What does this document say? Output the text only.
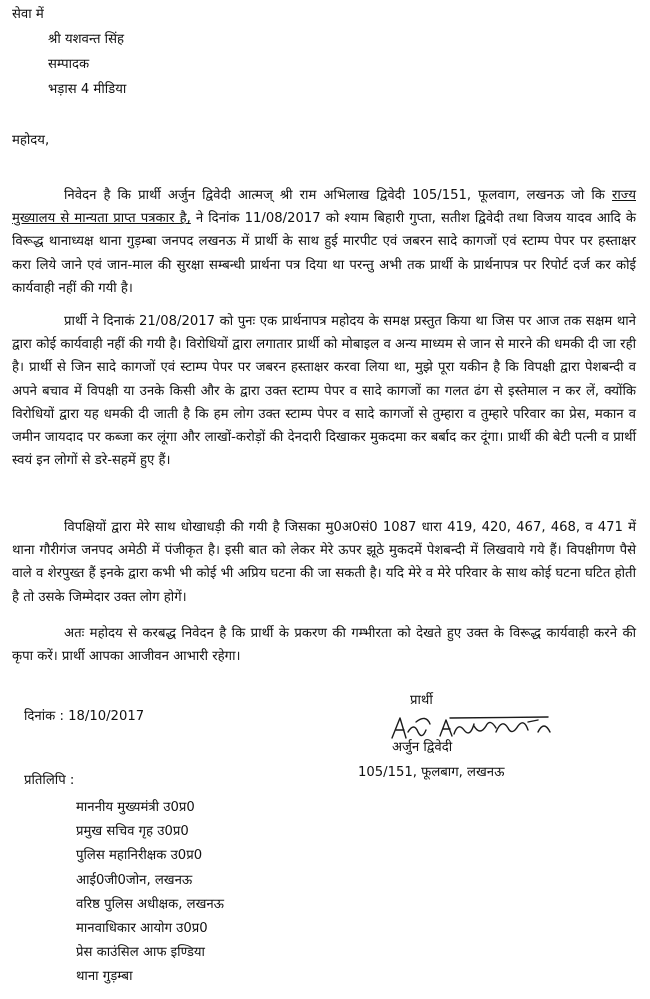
सेवा में
श्री यशवन्त सिंह
सम्पादक
भड़ास 4 मीडिया
महोदय,
निवेदन है कि प्रार्थी अर्जुन द्विवेदी आत्मज् श्री राम अभिलाख द्विवेदी 105/151, फूलवाग, लखनऊ जो कि राज्य मुख्यालय से मान्यता प्राप्त पत्रकार है, ने दिनांक 11/08/2017 को श्याम बिहारी गुप्ता, सतीश द्विवेदी तथा विजय यादव आदि के विरूद्ध थानाध्यक्ष थाना गुड़म्बा जनपद लखनऊ में प्रार्थी के साथ हुई मारपीट एवं जबरन सादे कागजों एवं स्टाम्प पेपर पर हस्ताक्षर करा लिये जाने एवं जान-माल की सुरक्षा सम्बन्धी प्रार्थना पत्र दिया था परन्तु अभी तक प्रार्थी के प्रार्थनापत्र पर रिपोर्ट दर्ज कर कोई कार्यवाही नहीं की गयी है।
प्रार्थी ने दिनाकं 21/08/2017 को पुनः एक प्रार्थनापत्र महोदय के समक्ष प्रस्तुत किया था जिस पर आज तक सक्षम थाने द्वारा कोई कार्यवाही नहीं की गयी है। विरोधियों द्वारा लगातार प्रार्थी को मोबाइल व अन्य माध्यम से जान से मारने की धमकी दी जा रही है। प्रार्थी से जिन सादे कागजों एवं स्टाम्प पेपर पर जबरन हस्ताक्षर करवा लिया था, मुझे पूरा यकीन है कि विपक्षी द्वारा पेशबन्दी व अपने बचाव में विपक्षी या उनके किसी और के द्वारा उक्त स्टाम्प पेपर व सादे कागजों का गलत ढंग से इस्तेमाल न कर लें, क्योंकि विरोधियों द्वारा यह धमकी दी जाती है कि हम लोग उक्त स्टाम्प पेपर व सादे कागजों से तुम्हारा व तुम्हारे परिवार का प्रेस, मकान व जमीन जायदाद पर कब्जा कर लूंगा और लाखों-करोड़ों की देनदारी दिखाकर मुकदमा कर बर्बाद कर दूंगा। प्रार्थी की बेटी पत्नी व प्रार्थी स्वयं इन लोगों से डरे-सहमें हुए हैं।
विपक्षियों द्वारा मेरे साथ धोखाधड़ी की गयी है जिसका मु0अ0सं0 1087 धारा 419, 420, 467, 468, व 471 में थाना गौरीगंज जनपद अमेठी में पंजीकृत है। इसी बात को लेकर मेरे ऊपर झूठे मुकदमें पेशबन्दी में लिखवाये गये हैं। विपक्षीगण पैसे वाले व शेरपुख्त हैं इनके द्वारा कभी भी कोई भी अप्रिय घटना की जा सकती है। यदि मेरे व मेरे परिवार के साथ कोई घटना घटित होती है तो उसके जिम्मेदार उक्त लोग होगें।
अतः महोदय से करबद्ध निवेदन है कि प्रार्थी के प्रकरण की गम्भीरता को देखते हुए उक्त के विरूद्ध कार्यवाही करने की कृपा करें। प्रार्थी आपका आजीवन आभारी रहेगा।
दिनांक : 18/10/2017
प्रार्थी
अर्जुन द्विवेदी
105/151, फूलबाग, लखनऊ
प्रतिलिपि :
माननीय मुख्यमंत्री उ0प्र0
प्रमुख सचिव गृह उ0प्र0
पुलिस महानिरीक्षक उ0प्र0
आई0जी0जोन, लखनऊ
वरिष्ठ पुलिस अधीक्षक, लखनऊ
मानवाधिकार आयोग उ0प्र0
प्रेस काउंसिल आफ इण्डिया
थाना गुड़म्बा
